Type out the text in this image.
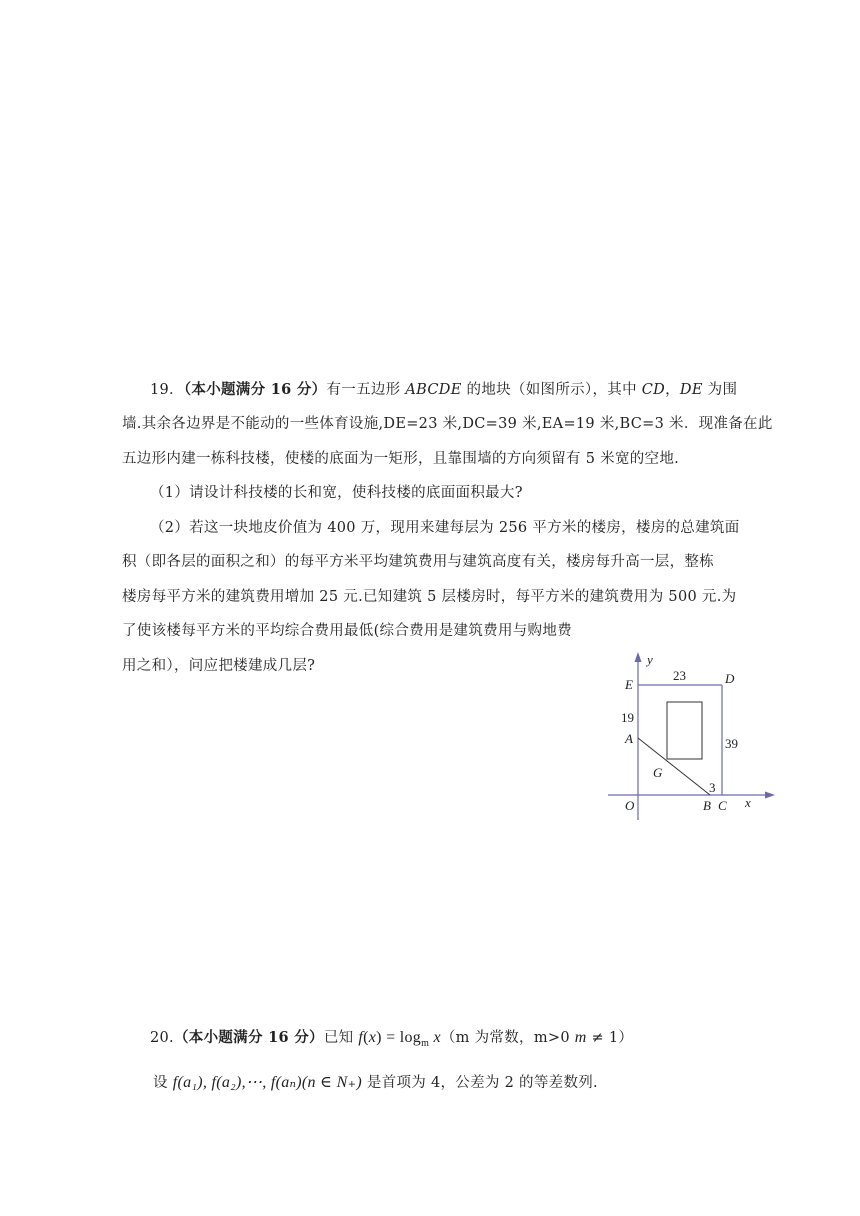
19．（本小题满分 16 分）有一五边形 ABCDE 的地块（如图所示），其中 CD，DE 为围
墙.其余各边界是不能动的一些体育设施,DE=23 米,DC=39 米,EA=19 米,BC=3 米．现准备在此
五边形内建一栋科技楼，使楼的底面为一矩形，且靠围墙的方向须留有 5 米宽的空地.
（1）请设计科技楼的长和宽，使科技楼的底面面积最大?
（2）若这一块地皮价值为 400 万，现用来建每层为 256 平方米的楼房，楼房的总建筑面
积（即各层的面积之和）的每平方米平均建筑费用与建筑高度有关，楼房每升高一层，整栋
楼房每平方米的建筑费用增加 25 元.已知建筑 5 层楼房时，每平方米的建筑费用为 500 元.为
了使该楼每平方米的平均综合费用最低(综合费用是建筑费用与购地费
用之和），问应把楼建成几层?	y
x
E	D
23
19
A	39
G
3
O	B C
20.（本小题满分 16 分）已知 $f(x) = \log_m x(m$ 为常数，m>0 m ≠ 1）
设 f(a₁), f(a₂),⋯, f(aₙ)(n ∈ N₊) 是首项为 4，公差为 2 的等差数列.
